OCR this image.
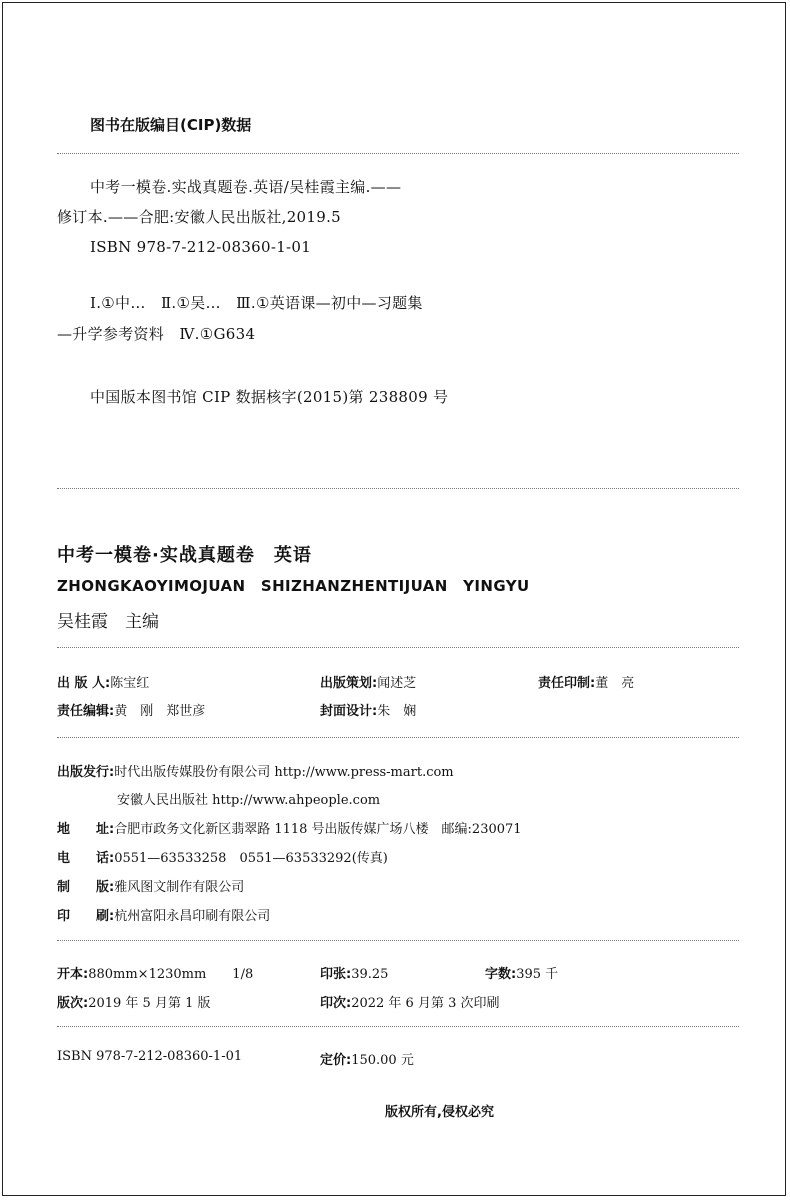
图书在版编目(CIP)数据
中考一模卷.实战真题卷.英语/吴桂霞主编.——
修订本.——合肥:安徽人民出版社,2019.5
ISBN 978-7-212-08360-1-01
Ⅰ.①中…　Ⅱ.①吴…　Ⅲ.①英语课—初中—习题集
—升学参考资料　Ⅳ.①G634
中国版本图书馆 CIP 数据核字(2015)第 238809 号
中考一模卷·实战真题卷　英语
ZHONGKAOYIMOJUAN　SHIZHANZHENTIJUAN　YINGYU
吴桂霞　主编
出 版 人:陈宝红	出版策划:闻述芝	责任印制:董　亮
责任编辑:黄　刚　郑世彦	封面设计:朱　娴
出版发行:时代出版传媒股份有限公司 http://www.press-mart.com
安徽人民出版社 http://www.ahpeople.com
地　　址:合肥市政务文化新区翡翠路 1118 号出版传媒广场八楼　邮编:230071
电　　话:0551—63533258　0551—63533292(传真)
制　　版:雅风图文制作有限公司
印　　刷:杭州富阳永昌印刷有限公司
开本:880mm×1230mm　　1/8	印张:39.25	字数:395 千
版次:2019 年 5 月第 1 版	印次:2022 年 6 月第 3 次印刷
ISBN 978-7-212-08360-1-01	定价:150.00 元
版权所有,侵权必究
